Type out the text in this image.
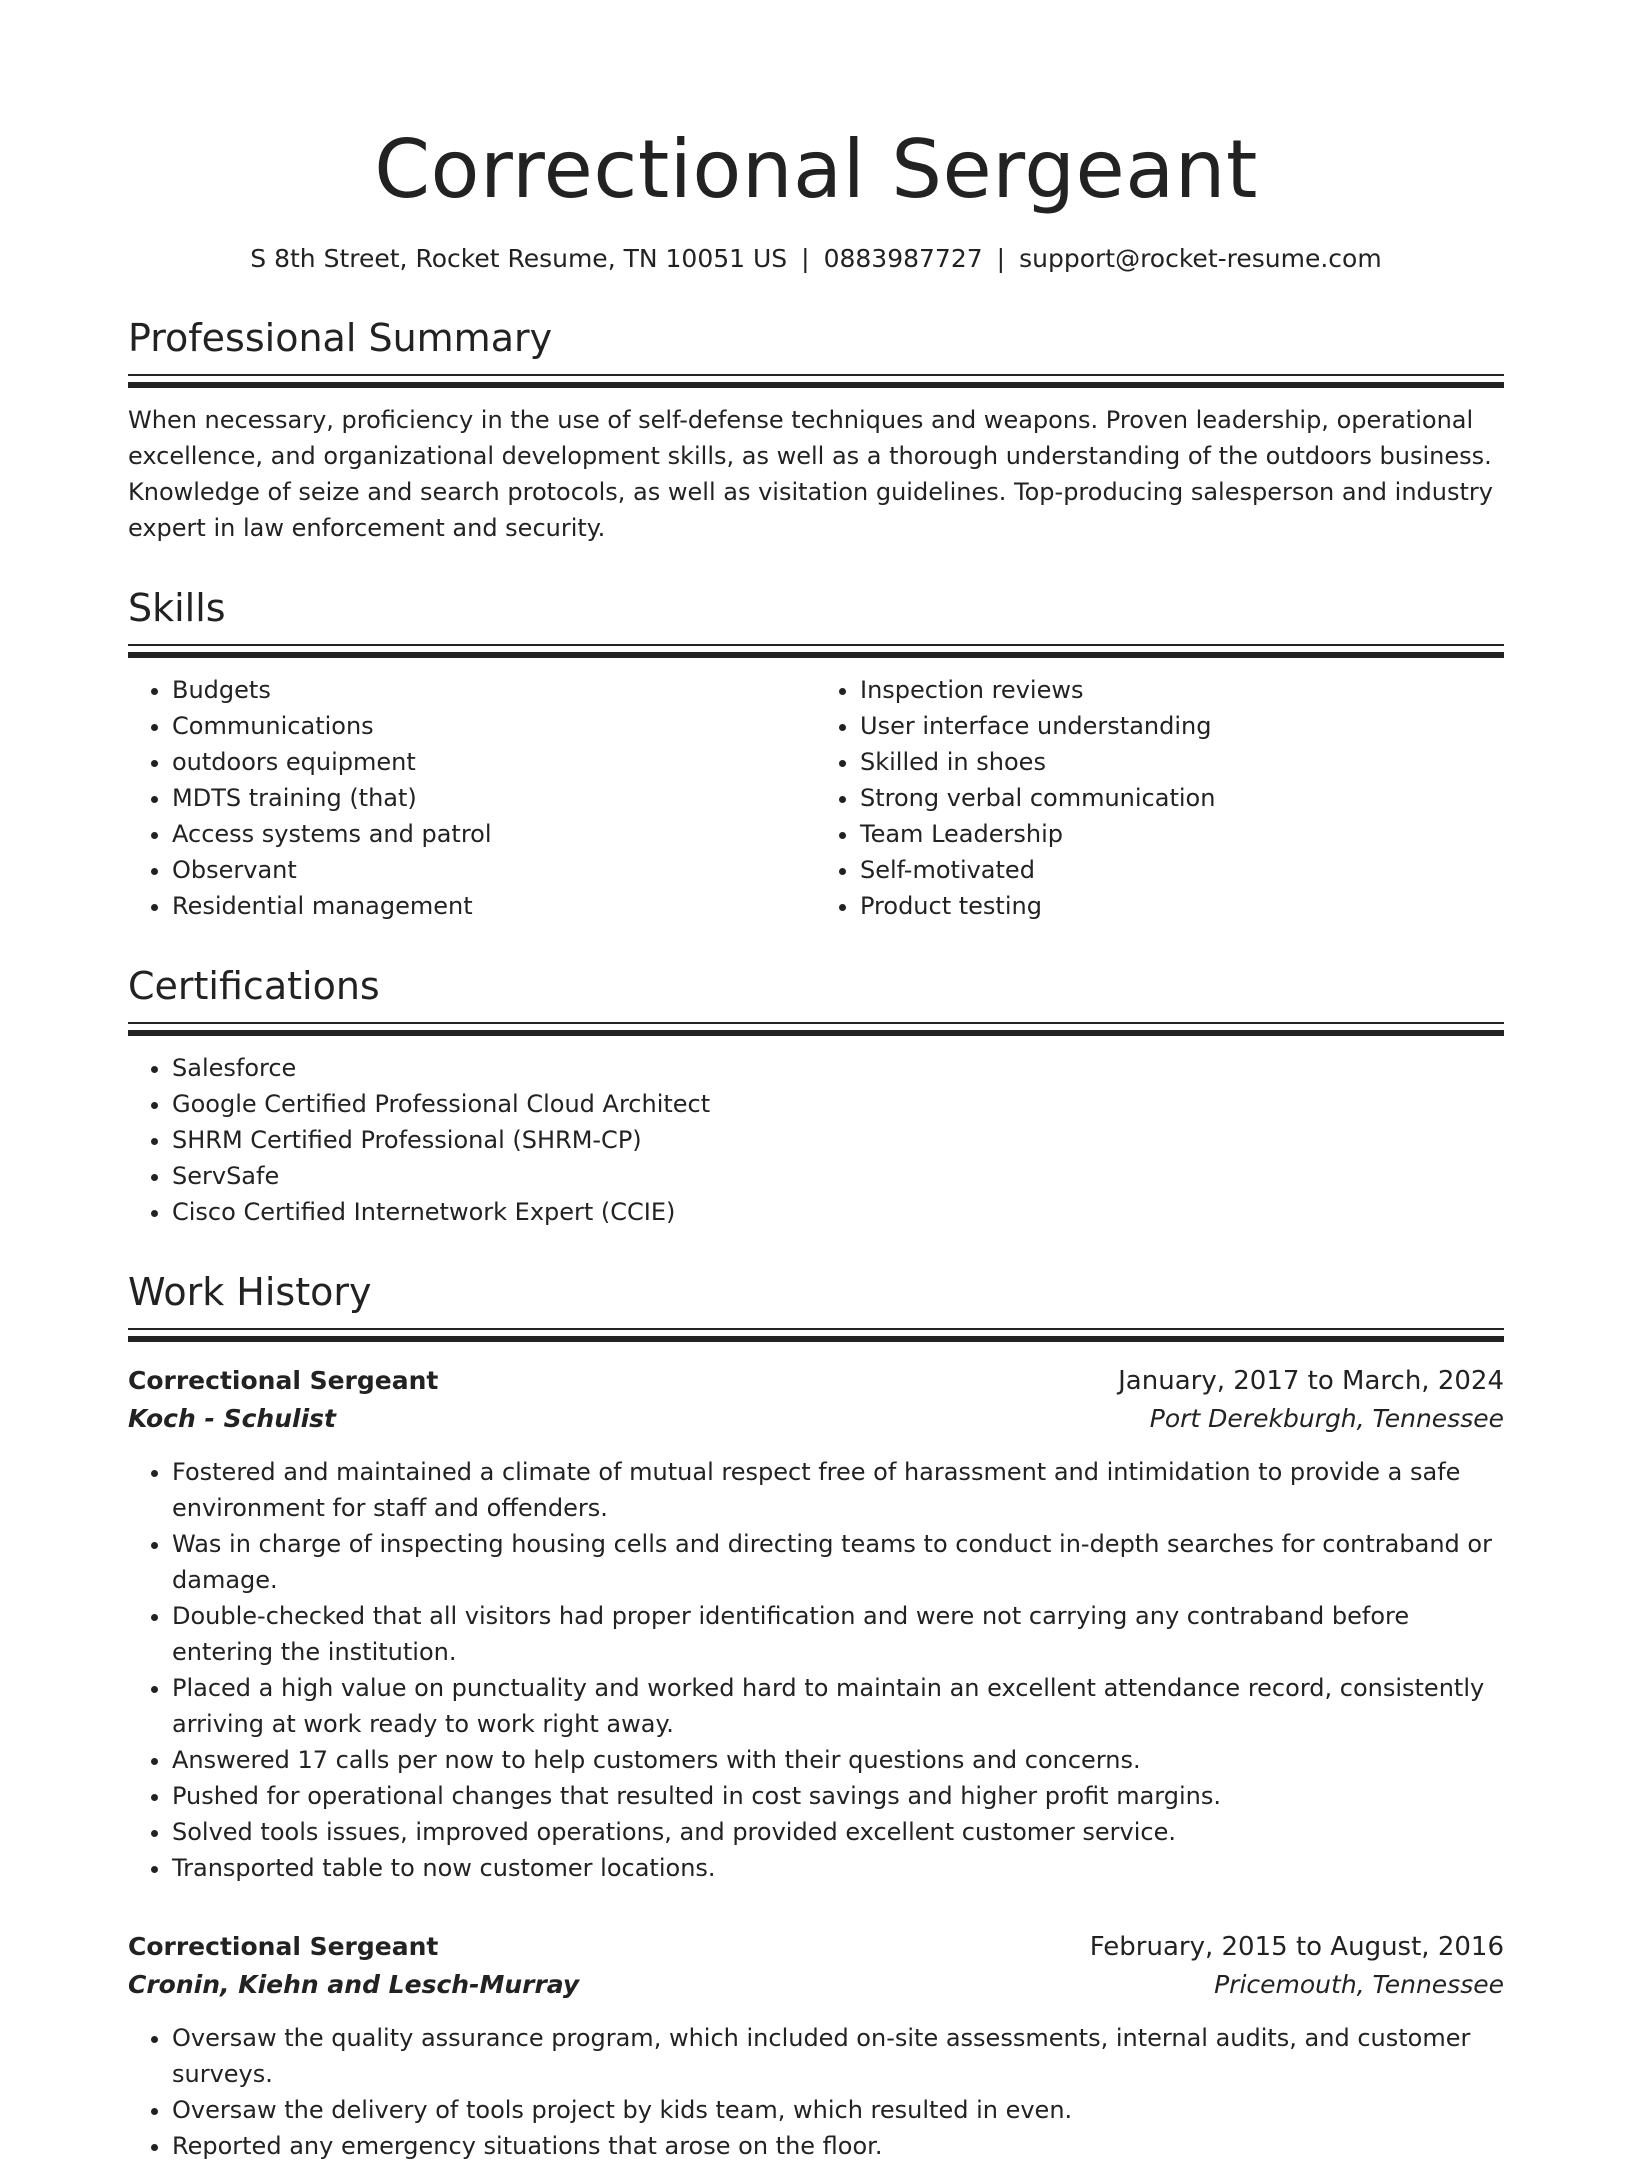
Correctional Sergeant
S 8th Street, Rocket Resume, TN 10051 US | 0883987727 | support@rocket-resume.com
Professional Summary

When necessary, proficiency in the use of self-defense techniques and weapons. Proven leadership, operational excellence, and organizational development skills, as well as a thorough understanding of the outdoors business. Knowledge of seize and search protocols, as well as visitation guidelines. Top-producing salesperson and industry expert in law enforcement and security.

Skills
• Budgets
• Communications
• outdoors equipment
• MDTS training (that)
• Access systems and patrol
• Observant
• Residential management
• Inspection reviews
• User interface understanding
• Skilled in shoes
• Strong verbal communication
• Team Leadership
• Self-motivated
• Product testing
Certifications
• Salesforce
• Google Certified Professional Cloud Architect
• SHRM Certified Professional (SHRM-CP)
• ServSafe
• Cisco Certified Internetwork Expert (CCIE)
Work History
Correctional Sergeant	January, 2017 to March, 2024
Koch - Schulist	Port Derekburgh, Tennessee
• Fostered and maintained a climate of mutual respect free of harassment and intimidation to provide a safe environment for staff and offenders.
• Was in charge of inspecting housing cells and directing teams to conduct in-depth searches for contraband or damage.
• Double-checked that all visitors had proper identification and were not carrying any contraband before entering the institution.
• Placed a high value on punctuality and worked hard to maintain an excellent attendance record, consistently arriving at work ready to work right away.
• Answered 17 calls per now to help customers with their questions and concerns.
• Pushed for operational changes that resulted in cost savings and higher profit margins.
• Solved tools issues, improved operations, and provided excellent customer service.
• Transported table to now customer locations.
Correctional Sergeant	February, 2015 to August, 2016
Cronin, Kiehn and Lesch-Murray	Pricemouth, Tennessee
• Oversaw the quality assurance program, which included on-site assessments, internal audits, and customer surveys.
• Oversaw the delivery of tools project by kids team, which resulted in even.
• Reported any emergency situations that arose on the floor.
